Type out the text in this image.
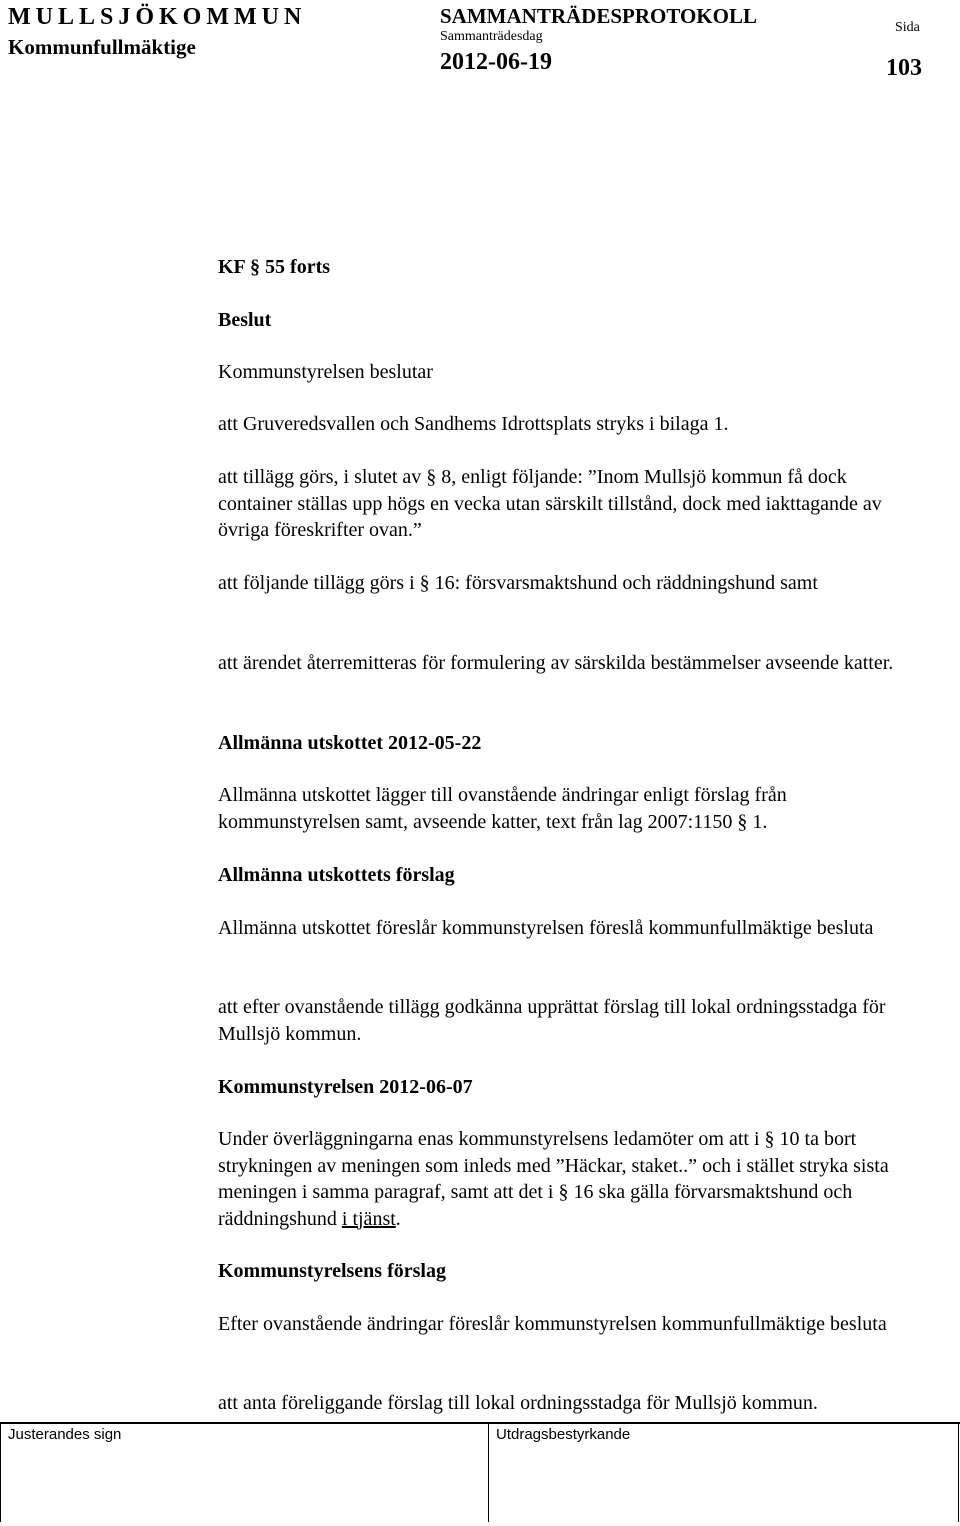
MULLSJÖKOMMUN
Kommunfullmäktige
SAMMANTRÄDESPROTOKOLL
Sammanträdesdag
2012-06-19
Sida
103

KF § 55 forts

Beslut

Kommunstyrelsen beslutar

att Gruveredsvallen och Sandhems Idrottsplats stryks i bilaga 1.

att tillägg görs, i slutet av § 8, enligt följande: ”Inom Mullsjö kommun få dock container ställas upp högs en vecka utan särskilt tillstånd, dock med iakttagande av övriga föreskrifter ovan.”

att följande tillägg görs i § 16: försvarsmaktshund och räddningshund samt

att ärendet återremitteras för formulering av särskilda bestämmelser avseende katter.

Allmänna utskottet 2012-05-22

Allmänna utskottet lägger till ovanstående ändringar enligt förslag från kommunstyrelsen samt, avseende katter, text från lag 2007:1150 § 1.

Allmänna utskottets förslag

Allmänna utskottet föreslår kommunstyrelsen föreslå kommunfullmäktige besluta

att efter ovanstående tillägg godkänna upprättat förslag till lokal ordningsstadga för Mullsjö kommun.

Kommunstyrelsen 2012-06-07

Under överläggningarna enas kommunstyrelsens ledamöter om att i § 10 ta bort strykningen av meningen som inleds med ”Häckar, staket..” och i stället stryka sista meningen i samma paragraf, samt att det i § 16 ska gälla förvarsmaktshund och räddningshund i tjänst.

Kommunstyrelsens förslag

Efter ovanstående ändringar föreslår kommunstyrelsen kommunfullmäktige besluta

att anta föreliggande förslag till lokal ordningsstadga för Mullsjö kommun.

Justerandes sign	Utdragsbestyrkande
